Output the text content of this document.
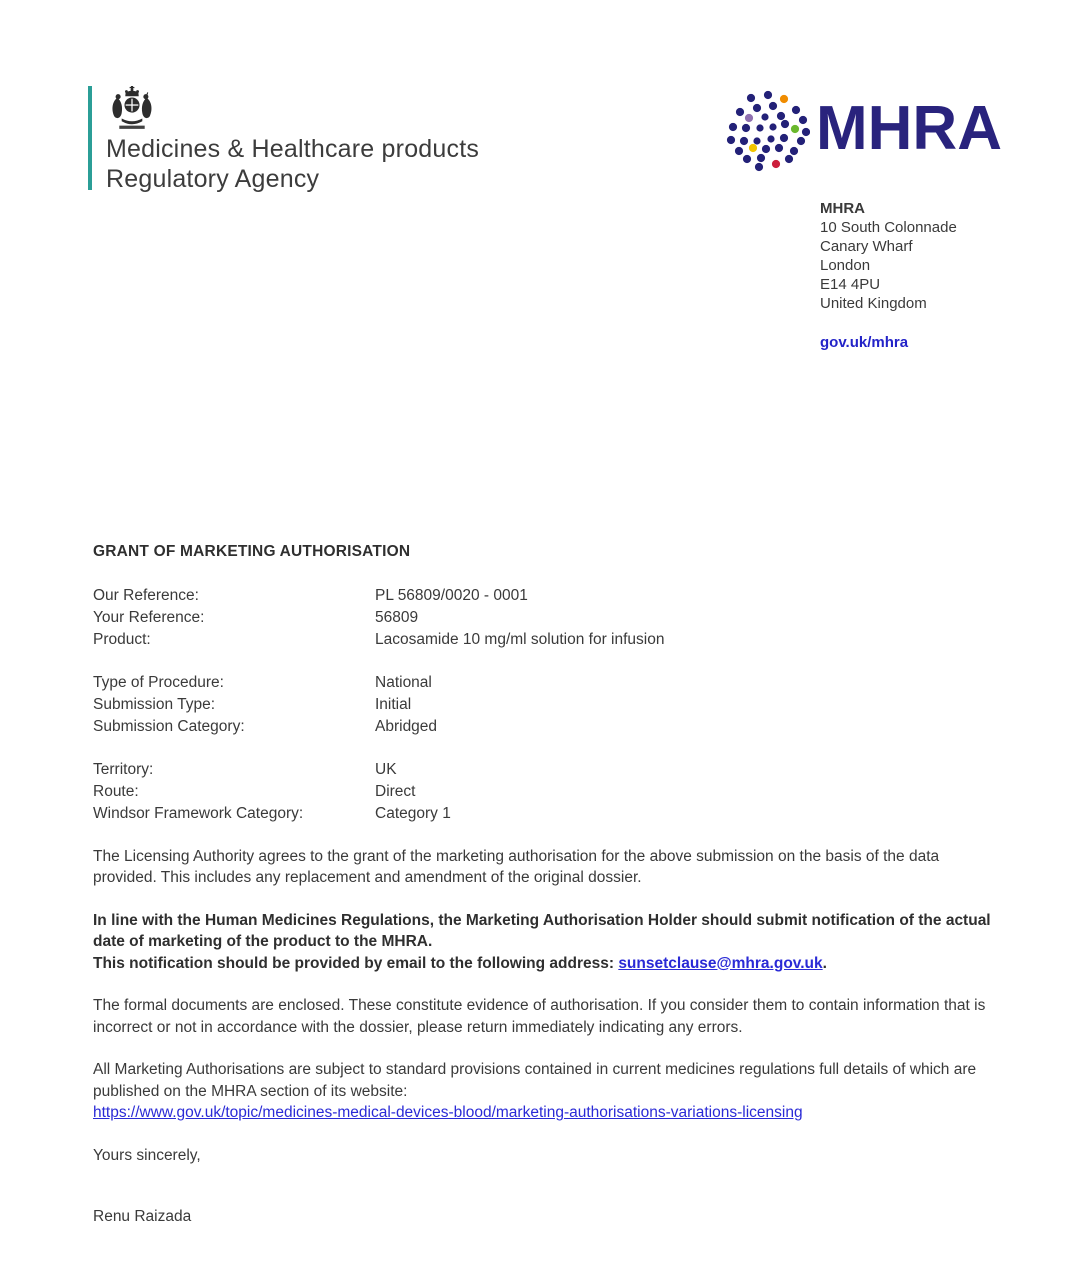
Medicines & Healthcare products
Regulatory Agency
MHRA
MHRA
10 South Colonnade
Canary Wharf
London
E14 4PU
United Kingdom
gov.uk/mhra
GRANT OF MARKETING AUTHORISATION
Our Reference:	PL 56809/0020 - 0001
Your Reference:	56809
Product:	Lacosamide 10 mg/ml solution for infusion
Type of Procedure:	National
Submission Type:	Initial
Submission Category:	Abridged
Territory:	UK
Route:	Direct
Windsor Framework Category:	Category 1

The Licensing Authority agrees to the grant of the marketing authorisation for the above submission on the basis of the data provided. This includes any replacement and amendment of the original dossier.

In line with the Human Medicines Regulations, the Marketing Authorisation Holder should submit notification of the actual date of marketing of the product to the MHRA.
This notification should be provided by email to the following address: sunsetclause@mhra.gov.uk.

The formal documents are enclosed. These constitute evidence of authorisation. If you consider them to contain information that is incorrect or not in accordance with the dossier, please return immediately indicating any errors.

All Marketing Authorisations are subject to standard provisions contained in current medicines regulations full details of which are published on the MHRA section of its website:
https://www.gov.uk/topic/medicines-medical-devices-blood/marketing-authorisations-variations-licensing

Yours sincerely,

Renu Raizada
